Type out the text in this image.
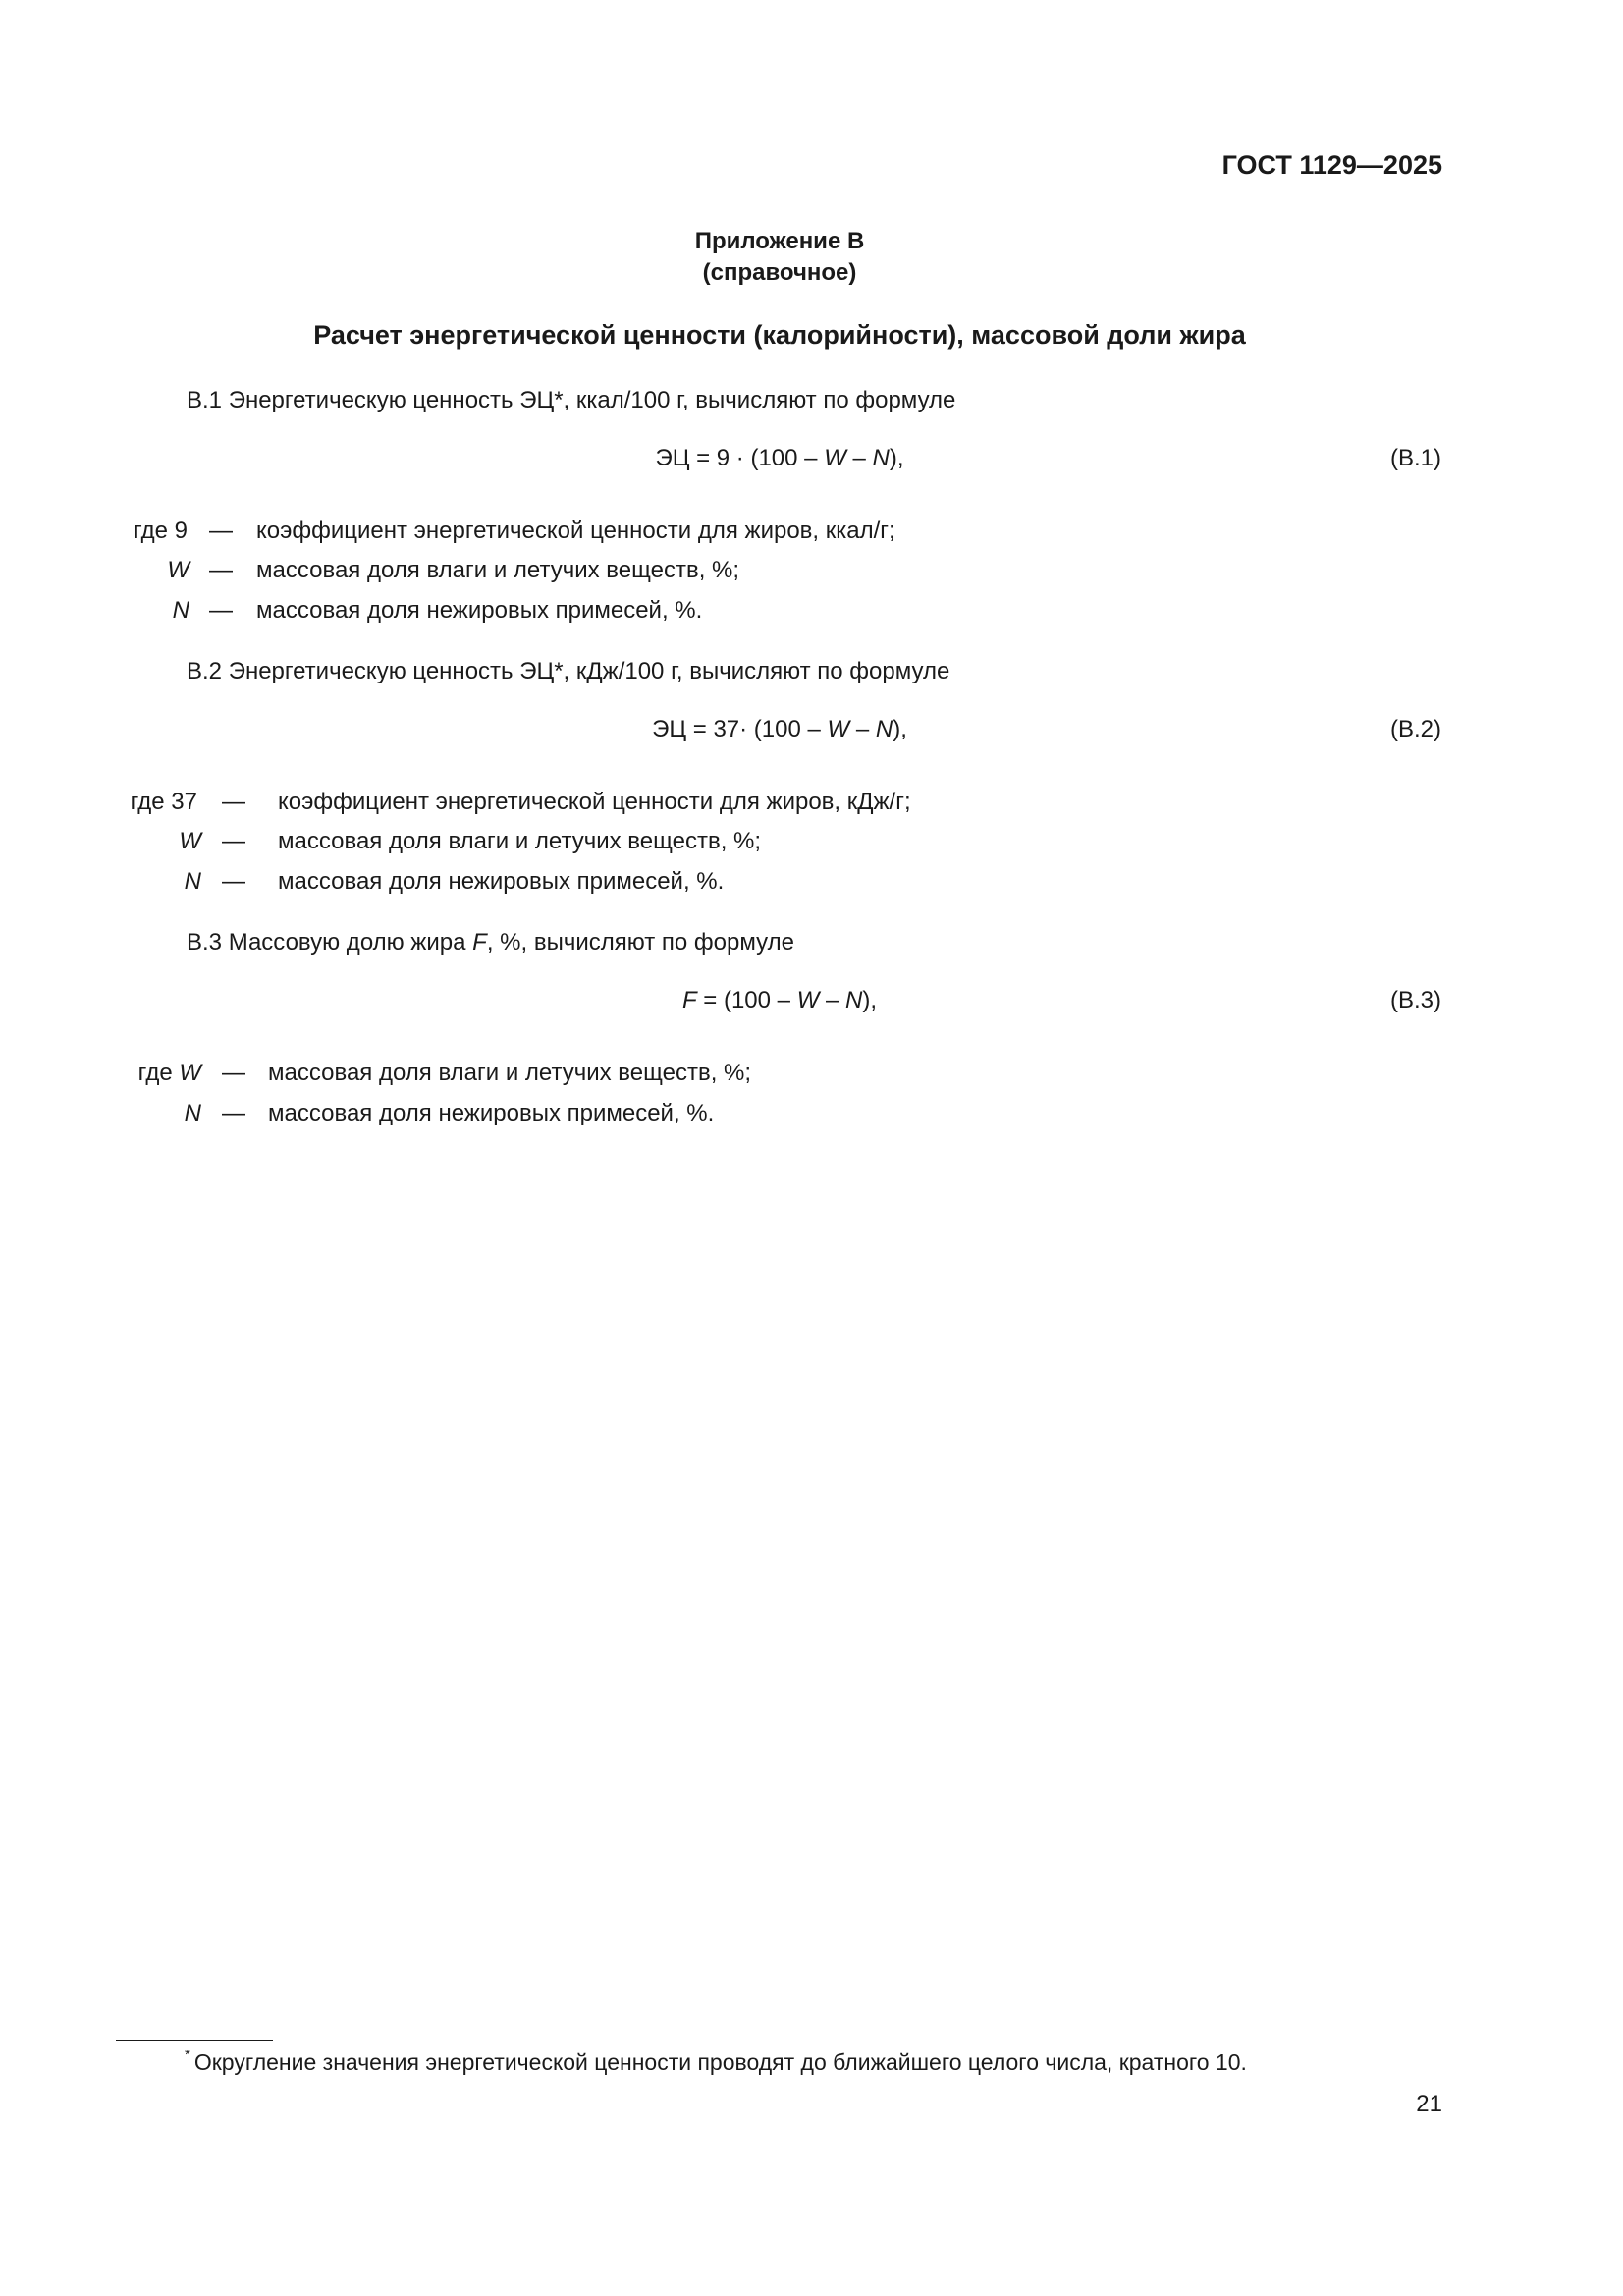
ГОСТ 1129—2025
Приложение В
(справочное)
Расчет энергетической ценности (калорийности), массовой доли жира
В.1 Энергетическую ценность ЭЦ*, ккал/100 г, вычисляют по формуле
ЭЦ = 9 · (100 – W – N),	(В.1)
где 9 — коэффициент энергетической ценности для жиров, ккал/г;
W — массовая доля влаги и летучих веществ, %;
N — массовая доля нежировых примесей, %.
В.2 Энергетическую ценность ЭЦ*, кДж/100 г, вычисляют по формуле
ЭЦ = 37· (100 – W – N),	(В.2)
где 37 — коэффициент энергетической ценности для жиров, кДж/г;
W — массовая доля влаги и летучих веществ, %;
N — массовая доля нежировых примесей, %.
В.3 Массовую долю жира F, %, вычисляют по формуле
F = (100 – W – N),	(В.3)
где W — массовая доля влаги и летучих веществ, %;
N — массовая доля нежировых примесей, %.
* Округление значения энергетической ценности проводят до ближайшего целого числа, кратного 10.
21
